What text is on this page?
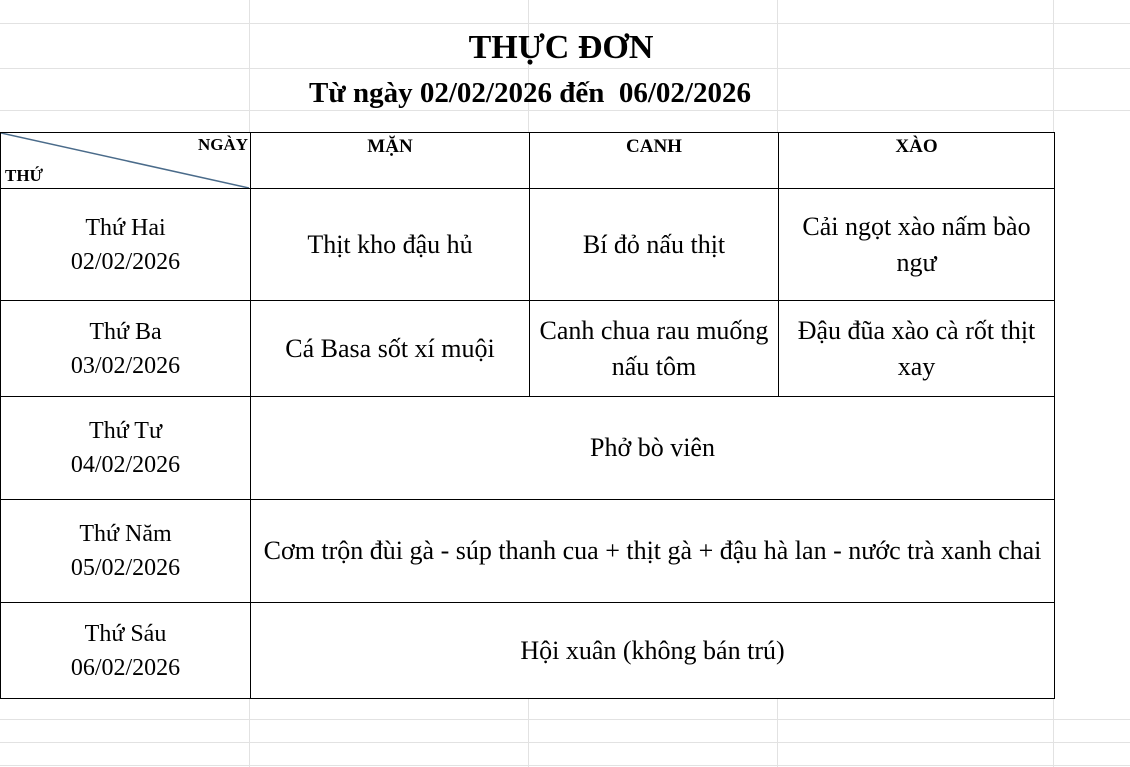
THỰC ĐƠN
Từ ngày 02/02/2026 đến  06/02/2026
NGÀY
THỨ	MẶN	CANH	XÀO

Thứ Hai
02/02/2026	Thịt kho đậu hủ	Bí đỏ nấu thịt	Cải ngọt xào nấm bào ngư

Thứ Ba
03/02/2026	Cá Basa sốt xí muội	Canh chua rau muống nấu tôm	Đậu đũa xào cà rốt thịt xay

Thứ Tư
04/02/2026	Phở bò viên		

Thứ Năm
05/02/2026	Cơm trộn đùi gà - súp thanh cua + thịt gà + đậu hà lan - nước trà xanh chai		

Thứ Sáu
06/02/2026	Hội xuân (không bán trú)		
